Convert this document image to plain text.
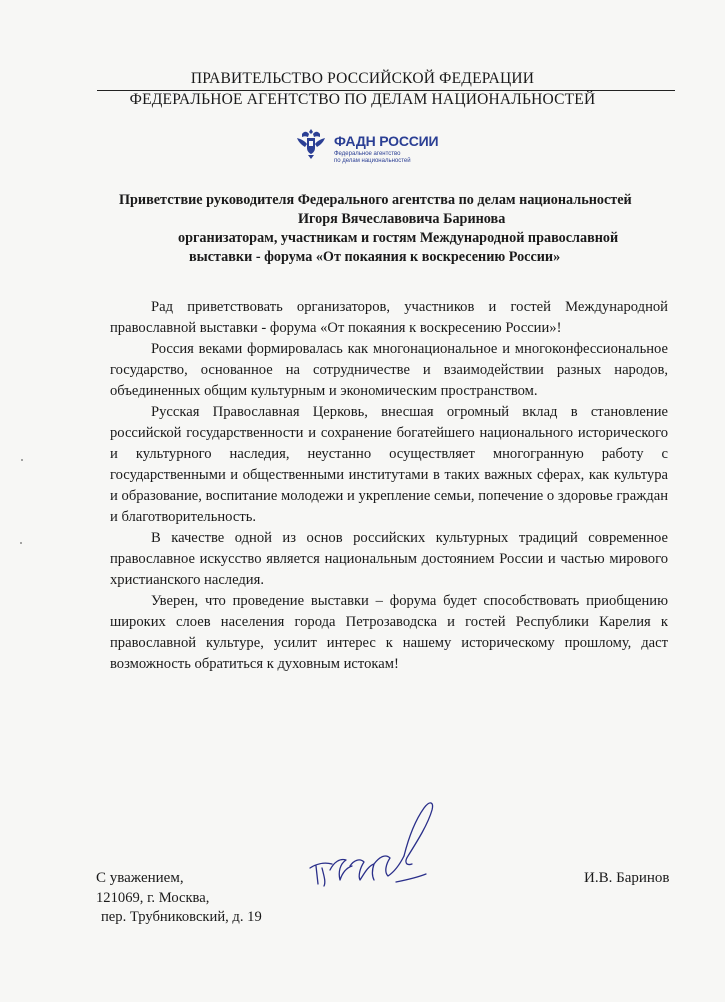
ПРАВИТЕЛЬСТВО РОССИЙСКОЙ ФЕДЕРАЦИИ
ФЕДЕРАЛЬНОЕ АГЕНТСТВО ПО ДЕЛАМ НАЦИОНАЛЬНОСТЕЙ
ФАДН РОССИИ
Федеральное агентство
по делам национальностей
Приветствие руководителя Федерального агентства по делам национальностей
Игоря Вячеславовича Баринова
организаторам, участникам и гостям Международной православной
выставки - форума «От покаяния к воскресению России»

Рад приветствовать организаторов, участников и гостей Международной православной выставки - форума «От покаяния к воскресению России»!

Россия веками формировалась как многонациональное и многоконфессиональное государство, основанное на сотрудничестве и взаимодействии разных народов, объединенных общим культурным и экономическим пространством.

Русская Православная Церковь, внесшая огромный вклад в становление российской государственности и сохранение богатейшего национального исторического и культурного наследия, неустанно осуществляет многогранную работу с государственными и общественными институтами в таких важных сферах, как культура и образование, воспитание молодежи и укрепление семьи, попечение о здоровье граждан и благотворительность.

В качестве одной из основ российских культурных традиций современное православное искусство является национальным достоянием России и частью мирового христианского наследия.

Уверен, что проведение выставки – форума будет способствовать приобщению широких слоев населения города Петрозаводска и гостей Республики Карелия к православной культуре, усилит интерес к нашему историческому прошлому, даст возможность обратиться к духовным истокам!

С уважением,	И.В. Баринов
121069, г. Москва,
пер. Трубниковский, д. 19
